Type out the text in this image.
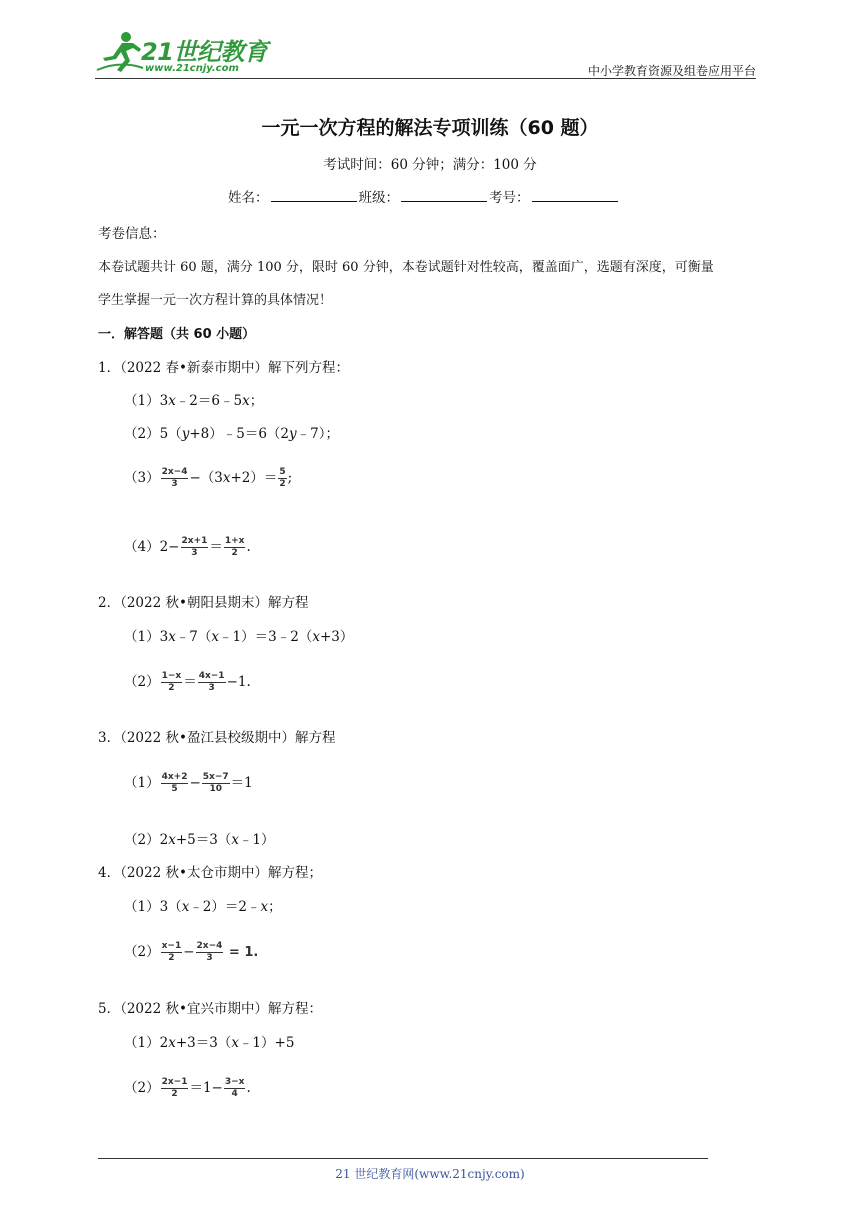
21世纪教育
www.21cnjy.com	中小学教育资源及组卷应用平台
一元一次方程的解法专项训练（60 题）
考试时间：60 分钟；满分：100 分
姓名：	班级：	考号：
考卷信息：
本卷试题共计 60 题，满分 100 分，限时 60 分钟，本卷试题针对性较高，覆盖面广，选题有深度，可衡量
学生掌握一元一次方程计算的具体情况！
一．解答题（共 60 小题）
1．（2022 春•新泰市期中）解下列方程：
（1）3x﹣2＝6﹣5x；
（2）5（y+8）﹣5＝6（2y﹣7）；
$(3) \frac{2x-4}{3} -(3x+2)= \frac{5}{2}$ ;
$(4)2- \frac{2x+1}{3} = \frac{1+x}{2}$ .
2．（2022 秋•朝阳县期末）解方程
（1）3x﹣7（x﹣1）＝3﹣2（x+3）
$(2) \frac{1-x}{2} = \frac{4x-1}{3} -1$.
3．（2022 秋•盈江县校级期中）解方程
$(1) \frac{4x+2}{5} - \frac{5x-7}{10} =1$
（2）2x+5＝3（x﹣1）
4．（2022 秋•太仓市期中）解方程；
（1）3（x﹣2）＝2﹣x；
$(2) \frac{x-1}{2} - \frac{2x-4}{3} = 1$.
5．（2022 秋•宜兴市期中）解方程：
（1）2x+3＝3（x﹣1）+5
$(2) \frac{2x-1}{2} =1- \frac{3-x}{4}$ .
21 世纪教育网(www.21cnjy.com)
